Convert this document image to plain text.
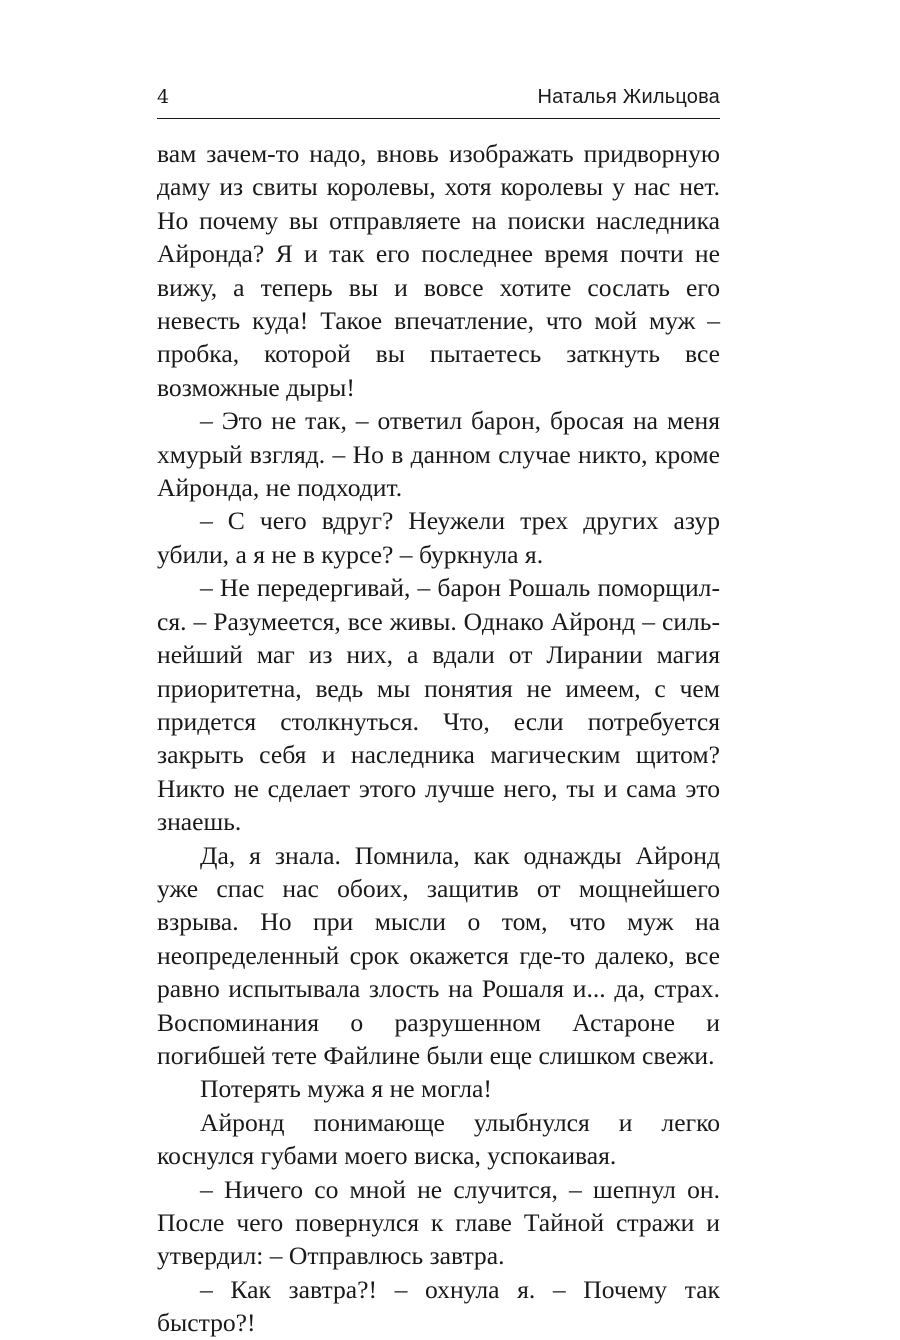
4	Наталья Жильцова

вам зачем-то надо, вновь изображать придворную даму из свиты королевы, хотя королевы у нас нет. Но почему вы отправляете на поиски наследника Айронда? Я и так его последнее время почти не вижу, а теперь вы и вовсе хотите сослать его невесть куда! Такое впечатление, что мой муж – пробка, которой вы пытаетесь заткнуть все возможные дыры!

– Это не так, – ответил барон, бросая на меня хмурый взгляд. – Но в данном случае никто, кроме Айронда, не подходит.

– С чего вдруг? Неужели трех других азур убили, а я не в курсе? – буркнула я.

– Не передергивай, – барон Рошаль поморщился. – Разумеется, все живы. Однако Айронд – сильнейший маг из них, а вдали от Лирании магия приоритетна, ведь мы понятия не имеем, с чем придется столкнуться. Что, если потребуется закрыть себя и наследника магическим щитом? Никто не сделает этого лучше него, ты и сама это знаешь.

Да, я знала. Помнила, как однажды Айронд уже спас нас обоих, защитив от мощнейшего взрыва. Но при мысли о том, что муж на неопределенный срок окажется где-то далеко, все равно испытывала злость на Рошаля и... да, страх. Воспоминания о разрушенном Астароне и погибшей тете Файлине были еще слишком свежи.

Потерять мужа я не могла!

Айронд понимающе улыбнулся и легко коснулся губами моего виска, успокаивая.

– Ничего со мной не случится, – шепнул он. После чего повернулся к главе Тайной стражи и утвердил: – Отправлюсь завтра.

– Как завтра?! – охнула я. – Почему так быстро?!
